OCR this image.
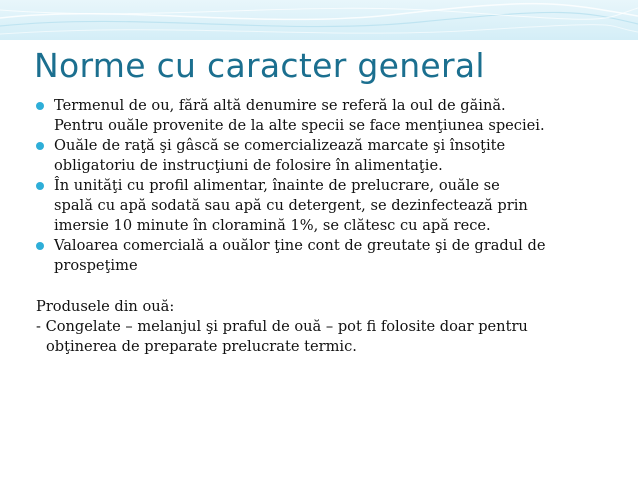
Norme cu caracter general
Termenul de ou, fără altă denumire se referă la oul de găină.
Pentru ouăle provenite de la alte specii se face menţiunea speciei.
Ouăle de raţă şi gâscă se comercializează marcate şi însoţite
obligatoriu de instrucţiuni de folosire în alimentaţie.
În unităţi cu profil alimentar, înainte de prelucrare, ouăle se
spală cu apă sodată sau apă cu detergent, se dezinfectează prin
imersie 10 minute în cloramină 1%, se clătesc cu apă rece.
Valoarea comercială a ouălor ţine cont de greutate şi de gradul de
prospeţime
Produsele din ouă:
- Congelate – melanjul şi praful de ouă – pot fi folosite doar pentru
obţinerea de preparate prelucrate termic.
